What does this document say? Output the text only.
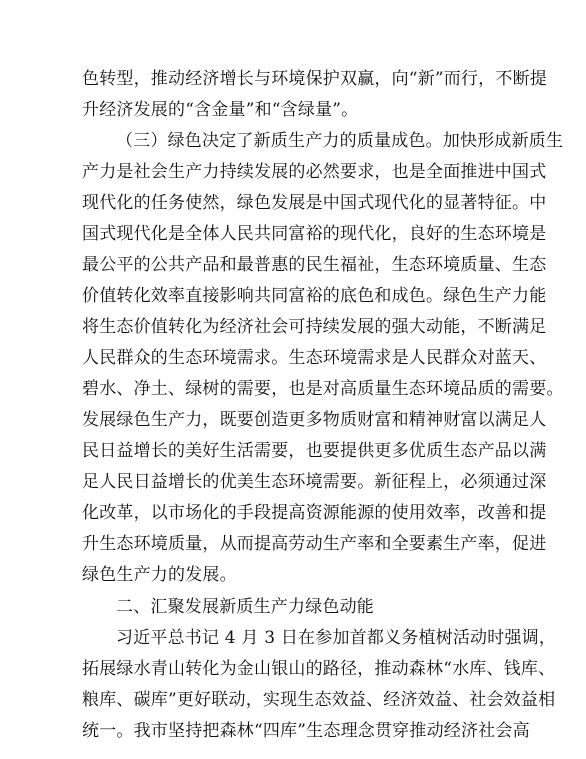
色转型，推动经济增长与环境保护双赢，向“新”而行，不断提
升经济发展的“含金量”和“含绿量”。
（三）绿色决定了新质生产力的质量成色。加快形成新质生
产力是社会生产力持续发展的必然要求，也是全面推进中国式
现代化的任务使然，绿色发展是中国式现代化的显著特征。中
国式现代化是全体人民共同富裕的现代化，良好的生态环境是
最公平的公共产品和最普惠的民生福祉，生态环境质量、生态
价值转化效率直接影响共同富裕的底色和成色。绿色生产力能
将生态价值转化为经济社会可持续发展的强大动能，不断满足
人民群众的生态环境需求。生态环境需求是人民群众对蓝天、
碧水、净土、绿树的需要，也是对高质量生态环境品质的需要。
发展绿色生产力，既要创造更多物质财富和精神财富以满足人
民日益增长的美好生活需要，也要提供更多优质生态产品以满
足人民日益增长的优美生态环境需要。新征程上，必须通过深
化改革，以市场化的手段提高资源能源的使用效率，改善和提
升生态环境质量，从而提高劳动生产率和全要素生产率，促进
绿色生产力的发展。
二、汇聚发展新质生产力绿色动能
习近平总书记 4 月 3 日在参加首都义务植树活动时强调，
拓展绿水青山转化为金山银山的路径，推动森林“水库、钱库、
粮库、碳库”更好联动，实现生态效益、经济效益、社会效益相
统一。我市坚持把森林“四库”生态理念贯穿推动经济社会高
